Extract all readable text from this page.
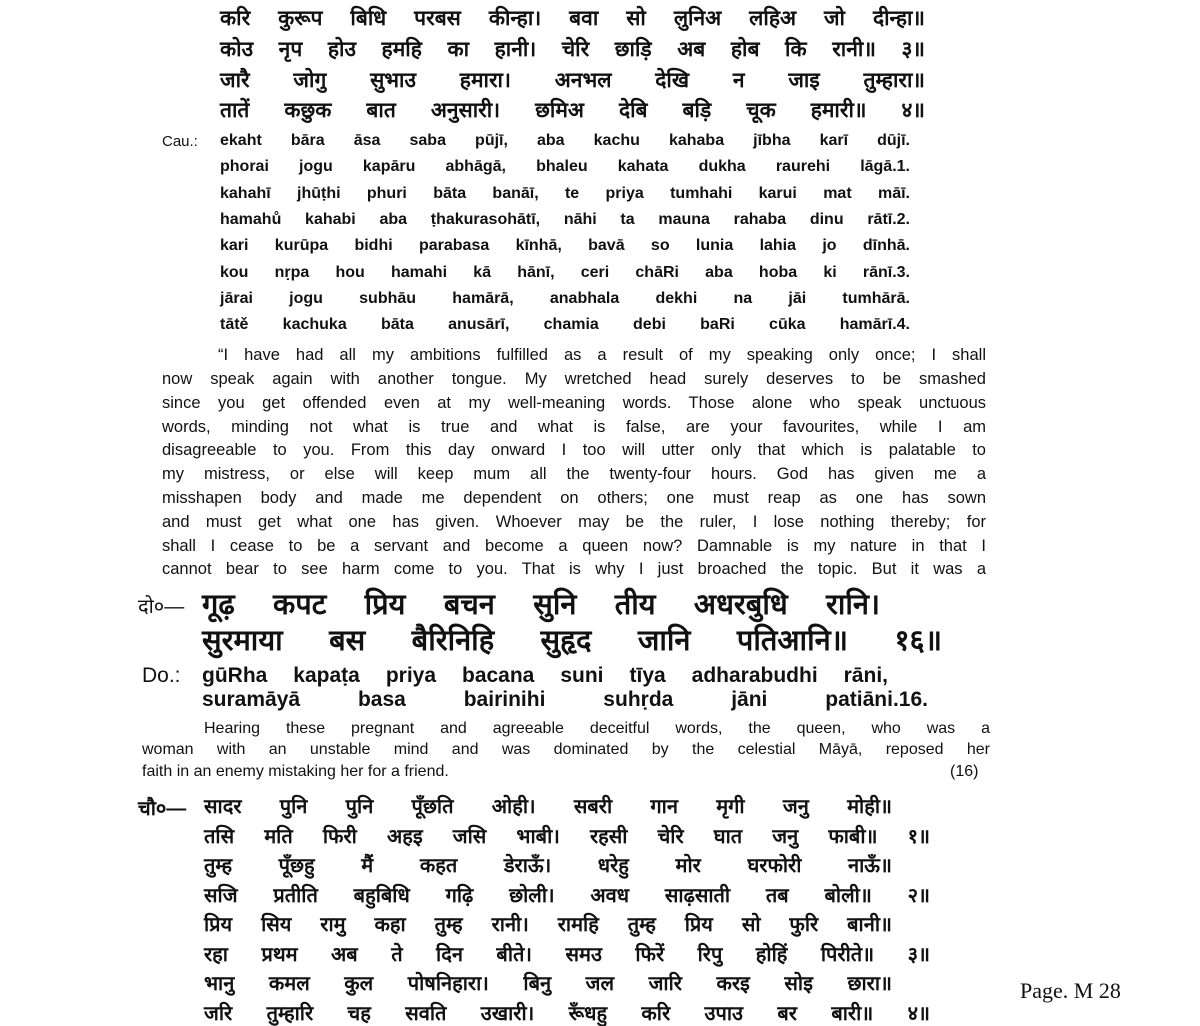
करि कुरूप बिधि परबस कीन्हा। बवा सो लुनिअ लहिअ जो दीन्हा॥
कोउ नृप होउ हमहि का हानी। चेरि छाड़ि अब होब कि रानी॥ ३॥
जारै जोगु सुभाउ हमारा। अनभल देखि न जाइ तुम्हारा॥
तातें कछुक बात अनुसारी। छमिअ देबि बड़ि चूक हमारी॥ ४॥
Cau.: ekaht bāra āsa saba pūjī, aba kachu kahaba jībha karī dūjī.
phorai jogu kapāru abhāgā, bhaleu kahata dukha raurehi lāgā.1.
kahahī jhūṭhi phuri bāta banāī, te priya tumhahi karui mat māī.
hamahů kahabi aba ṭhakurasohātī, nāhi ta mauna rahaba dinu rātī.2.
kari kurūpa bidhi parabasa kīnhā, bavā so lunia lahia jo dīnhā.
kou nṛpa hou hamahi kā hānī, ceri chāRi aba hoba ki rānī.3.
jārai jogu subhāu hamārā, anabhala dekhi na jāi tumhārā.
tātě kachuka bāta anusārī, chamia debi baRi cūka hamārī.4.
“I have had all my ambitions fulfilled as a result of my speaking only once; I shall
now speak again with another tongue. My wretched head surely deserves to be smashed
since you get offended even at my well-meaning words. Those alone who speak unctuous
words, minding not what is true and what is false, are your favourites, while I am
disagreeable to you. From this day onward I too will utter only that which is palatable to
my mistress, or else will keep mum all the twenty-four hours. God has given me a
misshapen body and made me dependent on others; one must reap as one has sown
and must get what one has given. Whoever may be the ruler, I lose nothing thereby; for
shall I cease to be a servant and become a queen now? Damnable is my nature in that I
cannot bear to see harm come to you. That is why I just broached the topic. But it was a
दो०— गूढ़ कपट प्रिय बचन सुनि तीय अधरबुधि रानि।
सुरमाया बस बैरिनिहि सुहृद जानि पतिआनि॥ १६॥
Do.: gūRha kapaṭa priya bacana suni tīya adharabudhi rāni,
suramāyā basa bairinihi suhṛda jāni patiāni.16.
Hearing these pregnant and agreeable deceitful words, the queen, who was a
woman with an unstable mind and was dominated by the celestial Māyā, reposed her
faith in an enemy mistaking her for a friend.	(16)
चौ०— सादर पुनि पुनि पूँछति ओही। सबरी गान मृगी जनु मोही॥
तसि मति फिरी अहइ जसि भाबी। रहसी चेरि घात जनु फाबी॥ १॥
तुम्ह पूँछहु मैं कहत डेराऊँ। धरेहु मोर घरफोरी नाऊँ॥
सजि प्रतीति बहुबिधि गढ़ि छोली। अवध साढ़साती तब बोली॥ २॥
प्रिय सिय रामु कहा तुम्ह रानी। रामहि तुम्ह प्रिय सो फुरि बानी॥
रहा प्रथम अब ते दिन बीते। समउ फिरें रिपु होहिं पिरीते॥ ३॥
भानु कमल कुल पोषनिहारा। बिनु जल जारि करइ सोइ छारा॥
जरि तुम्हारि चह सवति उखारी। रूँधहु करि उपाउ बर बारी॥ ४॥
Page. M 28
